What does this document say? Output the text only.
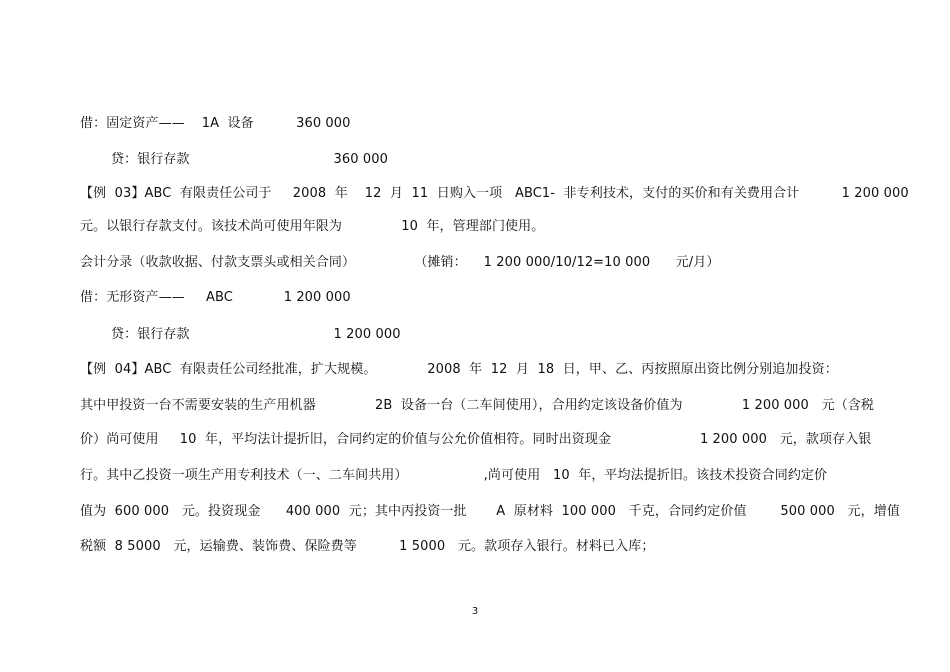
借：固定资产——    1A  设备          360 000
贷：银行存款                                  360 000
【例  03】ABC  有限责任公司于     2008  年    12  月  11  日购入一项   ABC1-  非专利技术，支付的买价和有关费用合计          1 200 000
元。以银行存款支付。该技术尚可使用年限为              10  年，管理部门使用。
会计分录（收款收据、付款支票头或相关合同）              （摊销：    1 200 000/10/12=10 000      元/月）
借：无形资产——     ABC            1 200 000
贷：银行存款                                  1 200 000
【例  04】ABC  有限责任公司经批准，扩大规模。            2008  年  12  月  18  日，甲、乙、丙按照原出资比例分别追加投资：
其中甲投资一台不需要安装的生产用机器              2B  设备一台（二车间使用），合用约定该设备价值为              1 200 000   元（含税
价）尚可使用     10  年，平均法计提折旧，合同约定的价值与公允价值相符。同时出资现金                     1 200 000   元，款项存入银
行。其中乙投资一项生产用专利技术（一、二车间共用）                  ,尚可使用   10  年，平均法提折旧。该技术投资合同约定价
值为  600 000   元。投资现金      400 000  元；其中丙投资一批       A  原材料  100 000   千克，合同约定价值        500 000   元，增值
税额  8 5000   元，运输费、装饰费、保险费等          1 5000   元。款项存入银行。材料已入库；
3
